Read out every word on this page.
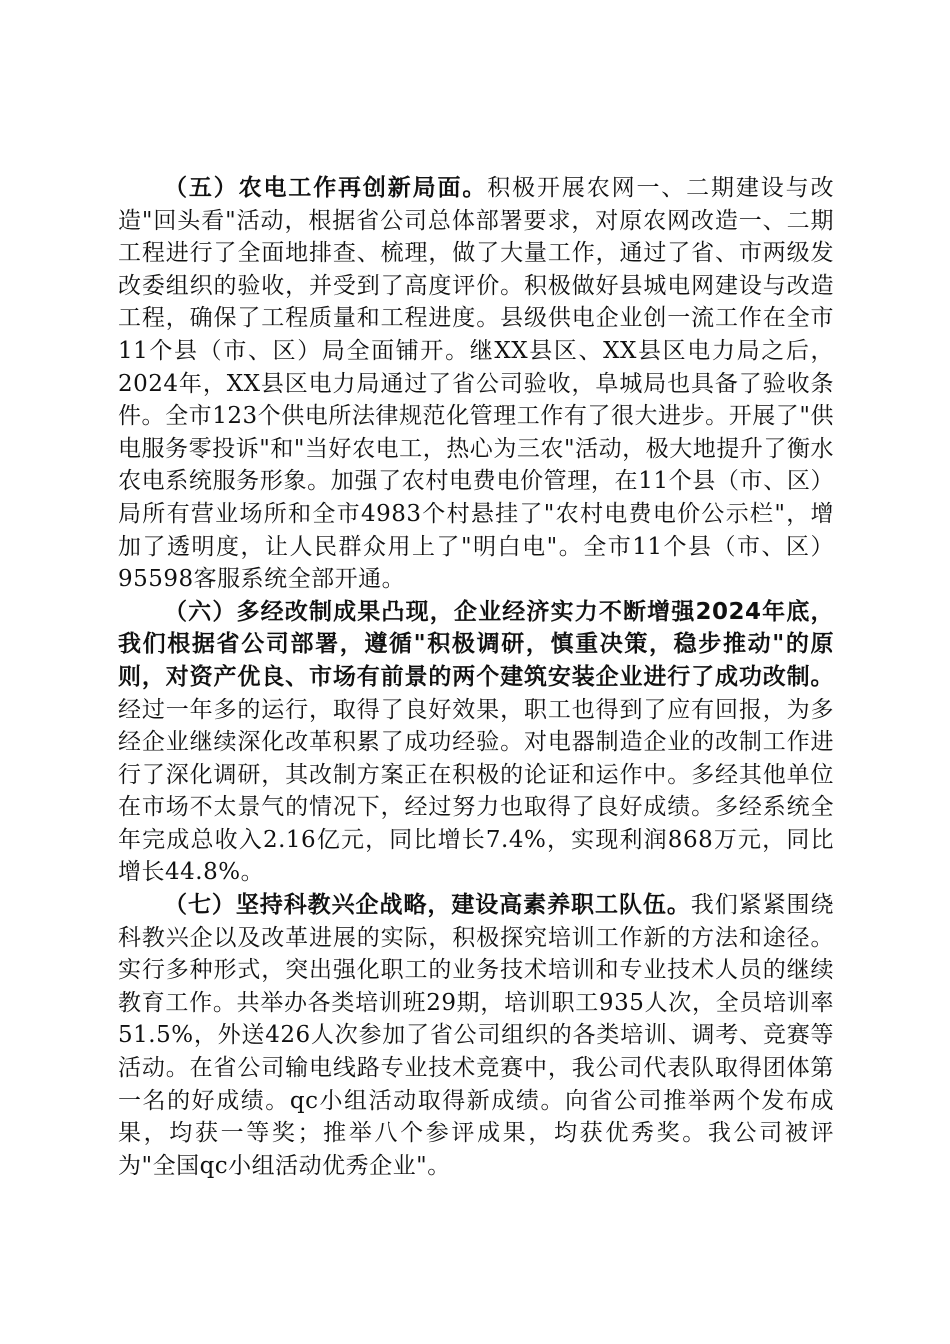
（五）农电工作再创新局面。积极开展农网一、二期建设与改造"回头看"活动，根据省公司总体部署要求，对原农网改造一、二期工程进行了全面地排查、梳理，做了大量工作，通过了省、市两级发改委组织的验收，并受到了高度评价。积极做好县城电网建设与改造工程，确保了工程质量和工程进度。县级供电企业创一流工作在全市11个县（市、区）局全面铺开。继XX县区、XX县区电力局之后，2024年，XX县区电力局通过了省公司验收，阜城局也具备了验收条件。全市123个供电所法律规范化管理工作有了很大进步。开展了"供电服务零投诉"和"当好农电工，热心为三农"活动，极大地提升了衡水农电系统服务形象。加强了农村电费电价管理，在11个县（市、区）局所有营业场所和全市4983个村悬挂了"农村电费电价公示栏"，增加了透明度，让人民群众用上了"明白电"。全市11个县（市、区）95598客服系统全部开通。

（六）多经改制成果凸现，企业经济实力不断增强2024年底，我们根据省公司部署，遵循"积极调研，慎重决策，稳步推动"的原则，对资产优良、市场有前景的两个建筑安装企业进行了成功改制。经过一年多的运行，取得了良好效果，职工也得到了应有回报，为多经企业继续深化改革积累了成功经验。对电器制造企业的改制工作进行了深化调研，其改制方案正在积极的论证和运作中。多经其他单位在市场不太景气的情况下，经过努力也取得了良好成绩。多经系统全年完成总收入2.16亿元，同比增长7.4%，实现利润868万元，同比增长44.8%。

（七）坚持科教兴企战略，建设高素养职工队伍。我们紧紧围绕科教兴企以及改革进展的实际，积极探究培训工作新的方法和途径。实行多种形式，突出强化职工的业务技术培训和专业技术人员的继续教育工作。共举办各类培训班29期，培训职工935人次，全员培训率51.5%，外送426人次参加了省公司组织的各类培训、调考、竞赛等活动。在省公司输电线路专业技术竞赛中，我公司代表队取得团体第一名的好成绩。qc小组活动取得新成绩。向省公司推举两个发布成果，均获一等奖；推举八个参评成果，均获优秀奖。我公司被评为"全国qc小组活动优秀企业"。
